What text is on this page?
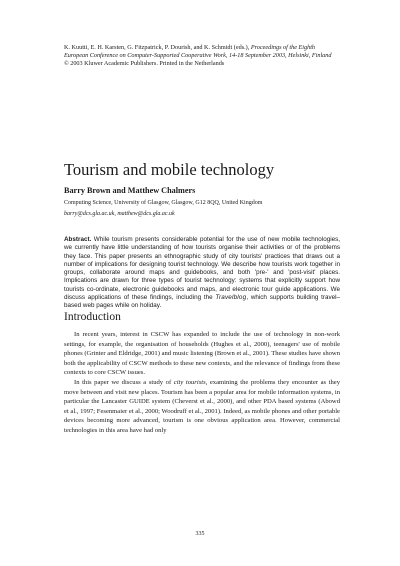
K. Kuutti, E. H. Karsten, G. Fitzpatrick, P. Dourish, and K. Schmidt (eds.), Proceedings of the Eighth European Conference on Computer-Supported Cooperative Work, 14-18 September 2003, Helsinki, Finland
© 2003 Kluwer Academic Publishers. Printed in the Netherlands
Tourism and mobile technology
Barry Brown and Matthew Chalmers
Computing Science, University of Glasgow, Glasgow, G12 8QQ, United Kingdom
barry@dcs.gla.ac.uk, matthew@dcs.gla.ac.uk
Abstract. While tourism presents considerable potential for the use of new mobile technologies, we currently have little understanding of how tourists organise their activities or of the problems they face. This paper presents an ethnographic study of city tourists' practices that draws out a number of implications for designing tourist technology. We describe how tourists work together in groups, collaborate around maps and guidebooks, and both 'pre-' and 'post-visit' places. Implications are drawn for three types of tourist technology: systems that explicitly support how tourists co-ordinate, electronic guidebooks and maps, and electronic tour guide applications. We discuss applications of these findings, including the Travelblog, which supports building travel–based web pages while on holiday.
Introduction

In recent years, interest in CSCW has expanded to include the use of technology in non-work settings, for example, the organisation of households (Hughes et al., 2000), teenagers' use of mobile phones (Grinter and Eldridge, 2001) and music listening (Brown et al., 2001). These studies have shown both the applicability of CSCW methods to these new contexts, and the relevance of findings from these contexts to core CSCW issues.

In this paper we discuss a study of city tourists, examining the problems they encounter as they move between and visit new places. Tourism has been a popular area for mobile information systems, in particular the Lancaster GUIDE system (Cheverst et al., 2000), and other PDA based systems (Abowd et al., 1997; Fesenmaier et al., 2000; Woodruff et al., 2001). Indeed, as mobile phones and other portable devices becoming more advanced, tourism is one obvious application area. However, commercial technologies in this area have had only

335
